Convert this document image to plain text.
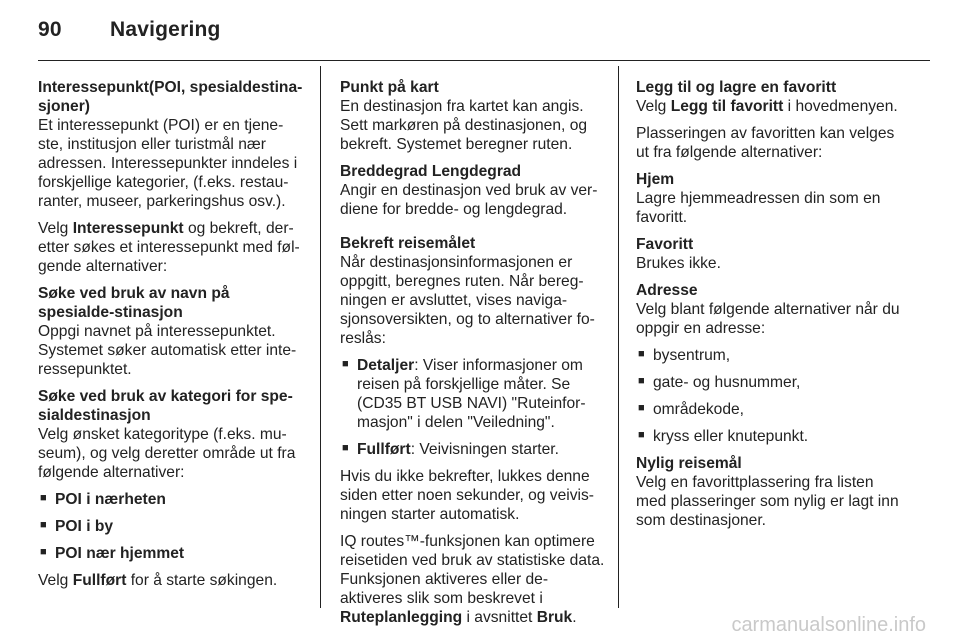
90 Navigering
Interessepunkt(POI, spesialdestina-sjoner)

Et interessepunkt (POI) er en tjene-ste, institusjon eller turistmål nær adressen. Interessepunkter inndeles i forskjellige kategorier, (f.eks. restau-ranter, museer, parkeringshus osv.).

Velg Interessepunkt og bekreft, der-etter søkes et interessepunkt med føl-gende alternativer:

Søke ved bruk av navn på spesialde-stinasjon

Oppgi navnet på interessepunktet. Systemet søker automatisk etter inte-ressepunktet.

Søke ved bruk av kategori for spe-sialdestinasjon

Velg ønsket kategoritype (f.eks. mu-seum), og velg deretter område ut fra følgende alternativer:

■ POI i nærheten
■ POI i by
■ POI nær hjemmet

Velg Fullført for å starte søkingen.

Punkt på kart

En destinasjon fra kartet kan angis. Sett markøren på destinasjonen, og bekreft. Systemet beregner ruten.

Breddegrad Lengdegrad

Angir en destinasjon ved bruk av ver-diene for bredde- og lengdegrad.

Bekreft reisemålet

Når destinasjonsinformasjonen er oppgitt, beregnes ruten. Når bereg-ningen er avsluttet, vises naviga-sjonsoversikten, og to alternativer fo-reslås:

■ Detaljer: Viser informasjoner om reisen på forskjellige måter. Se (CD35 BT USB NAVI) "Ruteinfor-masjon" i delen "Veiledning".
■ Fullført: Veivisningen starter.

Hvis du ikke bekrefter, lukkes denne siden etter noen sekunder, og veivis-ningen starter automatisk.

IQ routes™-funksjonen kan optimere reisetiden ved bruk av statistiske data. Funksjonen aktiveres eller de-aktiveres slik som beskrevet i Ruteplanlegging i avsnittet Bruk.

Legg til og lagre en favoritt

Velg Legg til favoritt i hovedmenyen.

Plasseringen av favoritten kan velges ut fra følgende alternativer:

Hjem

Lagre hjemmeadressen din som en favoritt.

Favoritt

Brukes ikke.

Adresse

Velg blant følgende alternativer når du oppgir en adresse:

■ bysentrum,
■ gate- og husnummer,
■ områdekode,
■ kryss eller knutepunkt.
Nylig reisemål

Velg en favorittplassering fra listen med plasseringer som nylig er lagt inn som destinasjoner.

carmanualsonline.info
